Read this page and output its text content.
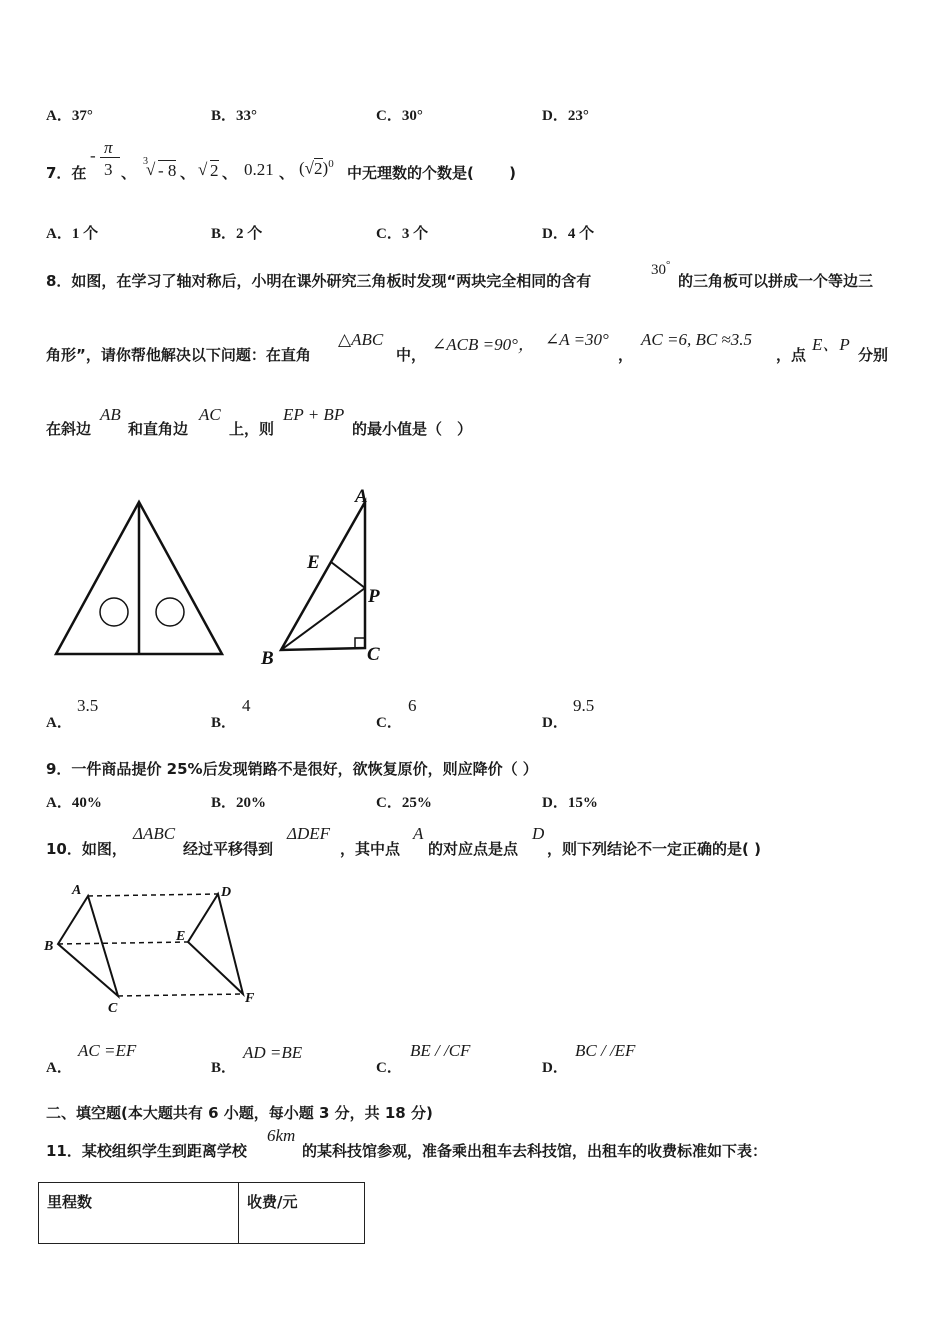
A．37°	B．33°	C．30°	D．23°
7．在
- π
3 、
3
√ - 8 、 √ 2 、 0.21 、 $(√2)^0$ 中无理数的个数是(　　 )
A．1 个	B．2 个	C．3 个	D．4 个
8．如图，在学习了轴对称后，小明在课外研究三角板时发现“两块完全相同的含有
30°
的三角板可以拼成一个等边三
角形”，请你帮他解决以下问题：在直角
△ABC
中，
∠ACB =90°， ∠A =30°
，
AC =6, BC ≈3.5
，点
E、P
分别
在斜边
AB
和直角边
AC
上，则
EP + BP
的最小值是（　）
A
E
P
B	C
A．
3.5
B．
4
C．
6
D．
9.5
9．一件商品提价 25%后发现销路不是很好，欲恢复原价，则应降价（ ）
A．40%	B．20%	C．25%	D．15%
10．如图，
ΔABC
经过平移得到
ΔDEF
，其中点
A
的对应点是点
D
，则下列结论不一定正确的是( )
A
B
C
D
E
F
A．
AC =EF
B．
AD =BE
C．
BE / /CF
D．
BC / /EF
二、填空题(本大题共有 6 小题，每小题 3 分，共 18 分)
11．某校组织学生到距离学校
6km
的某科技馆参观，准备乘出租车去科技馆，出租车的收费标准如下表：
里程数	收费/元
